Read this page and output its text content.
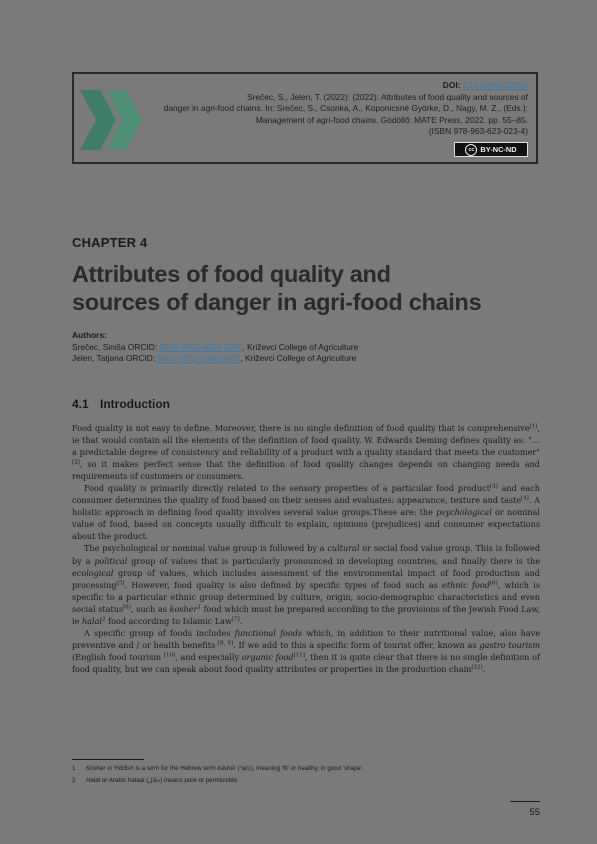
DOI: 10.54598/002550
Srečec, S., Jelen, T. (2022): (2022): Attributes of food quality and sources of
danger in agri-food chains. In: Srečec, S., Csonka, A., Koponicsné Györke, D., Nagy, M. Z., (Eds.):
Management of agri-food chains. Gödöllő: MATE Press, 2022. pp. 55–85.
(ISBN 978-963-623-023-4)
cc BY-NC-ND
CHAPTER 4
Attributes of food quality and
sources of danger in agri-food chains
Authors:
Srečec, Siniša ORCID: 0000-0002-0000-0000, Križevci College of Agriculture
Jelen, Tatjana ORCID: 0000-0002-0000-0000, Križevci College of Agriculture
4.1 Introduction

Food quality is not easy to define. Moreover, there is no single definition of food quality that is comprehensive[1], ie that would contain all the elements of the definition of food quality. W. Edwards Deming defines quality as: "… a predictable degree of consistency and reliability of a product with a quality standard that meets the customer"[2], so it makes perfect sense that the definition of food quality changes depends on changing needs and requirements of customers or consumers.

Food quality is primarily directly related to the sensory properties of a particular food product[3] and each consumer determines the quality of food based on their senses and evaluates: appearance, texture and taste[4]. A holistic approach in defining food quality involves several value groups.These are: the psychological or nominal value of food, based on concepts usually difficult to explain, opinions (prejudices) and consumer expectations about the product.

The psychological or nominal value group is followed by a cultural or social food value group. This is followed by a political group of values that is particularly pronounced in developing countries, and finally there is the ecological group of values, which includes assessment of the environmental impact of food production and processing[5]. However, food quality is also defined by specific types of food such as ethnic food[6], which is specific to a particular ethnic group determined by culture, origin, socio-demographic characteristics and even social status[6], such as kosher$^1$ food which must be prepared according to the provisions of the Jewish Food Law, ie halal$^2$ food according to Islamic Law[7].

A specific group of foods includes functional foods which, in addition to their nutritional value, also have preventive and / or health benefits [8, 9]. If we add to this a specific form of tourist offer, known as gastro tourism (English food tourism [10], and especially organic food[11], then it is quite clear that there is no single definition of food quality, but we can speak about food quality attributes or properties in the production chain[12].

1	Kosher in Yiddish is a term for the Hebrew term kāshēr (כָּשֵׁר), meaning 'fit' or healthy, in good 'shape'.
2	Halal or Arabic halaal (حلال) means pure or permissible.
55
